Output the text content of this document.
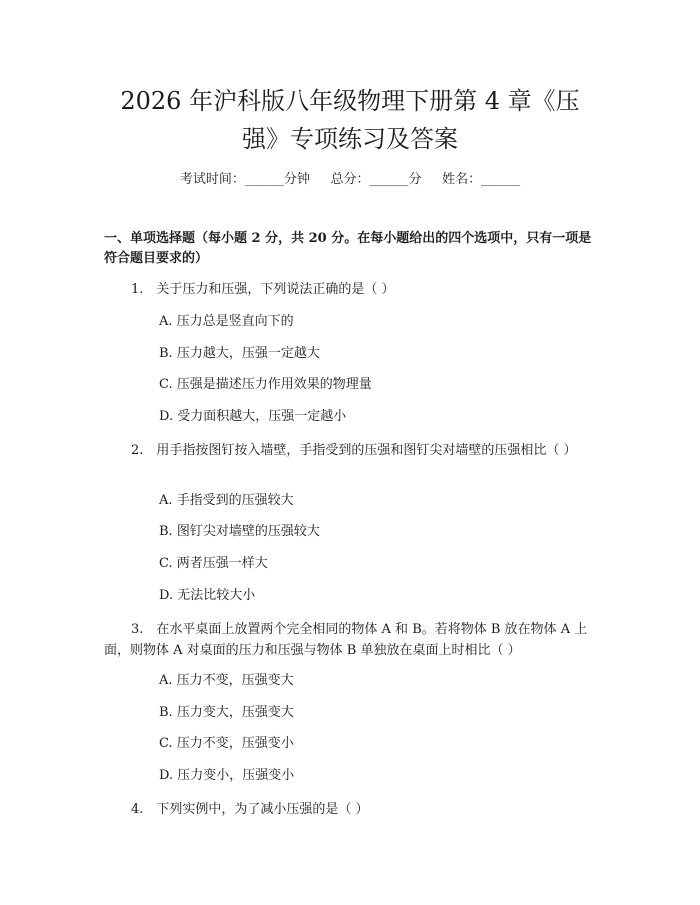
2026 年沪科版八年级物理下册第 4 章《压
强》专项练习及答案
考试时间：______分钟     总分：______分     姓名：______
一、单项选择题（每小题 2 分，共 20 分。在每小题给出的四个选项中，只有一项是符合题目要求的）
1.　关于压力和压强，下列说法正确的是（ ）
A. 压力总是竖直向下的
B. 压力越大，压强一定越大
C. 压强是描述压力作用效果的物理量
D. 受力面积越大，压强一定越小
2.　用手指按图钉按入墙壁，手指受到的压强和图钉尖对墙壁的压强相比（ ）
A. 手指受到的压强较大
B. 图钉尖对墙壁的压强较大
C. 两者压强一样大
D. 无法比较大小
3.　在水平桌面上放置两个完全相同的物体 A 和 B。若将物体 B 放在物体 A 上面，则物体 A 对桌面的压力和压强与物体 B 单独放在桌面上时相比（ ）
A. 压力不变，压强变大
B. 压力变大，压强变大
C. 压力不变，压强变小
D. 压力变小，压强变小
4.　下列实例中，为了减小压强的是（ ）
